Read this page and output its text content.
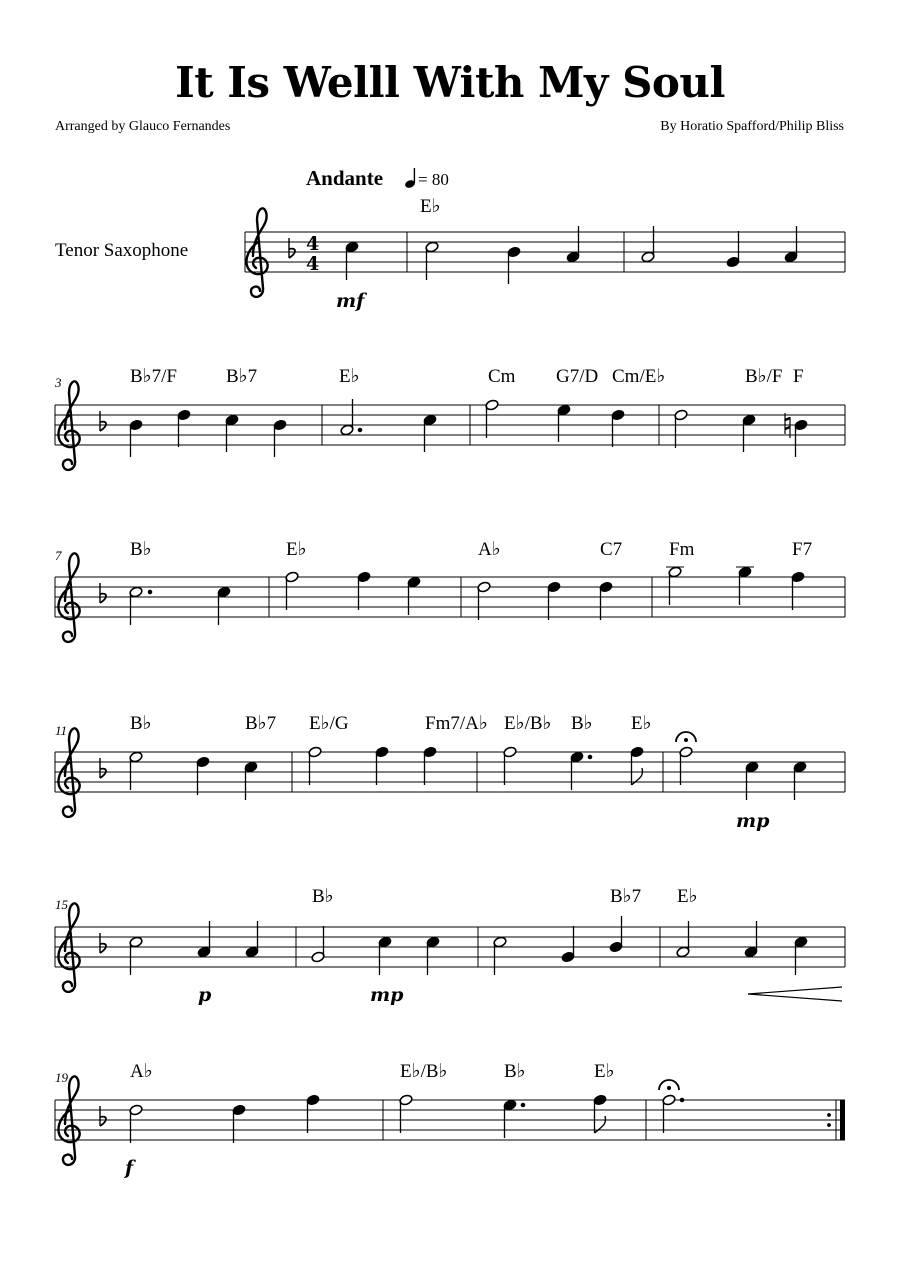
It Is Welll With My Soul
Arranged by Glauco Fernandes	By Horatio Spafford/Philip Bliss
Andante = 80
Tenor Saxophone	4
4
E♭
mf
3	B♭7/F	B♭7	E♭	Cm G7/D Cm/E♭	B♭/F F
7	B♭	E♭	A♭	C7 Fm	F7
11	B♭	B♭7 E♭/G	Fm7/A♭ E♭/B♭ B♭ E♭
mp
15	B♭	B♭7 E♭
p	mp
19	A♭	E♭/B♭	B♭	E♭
f
